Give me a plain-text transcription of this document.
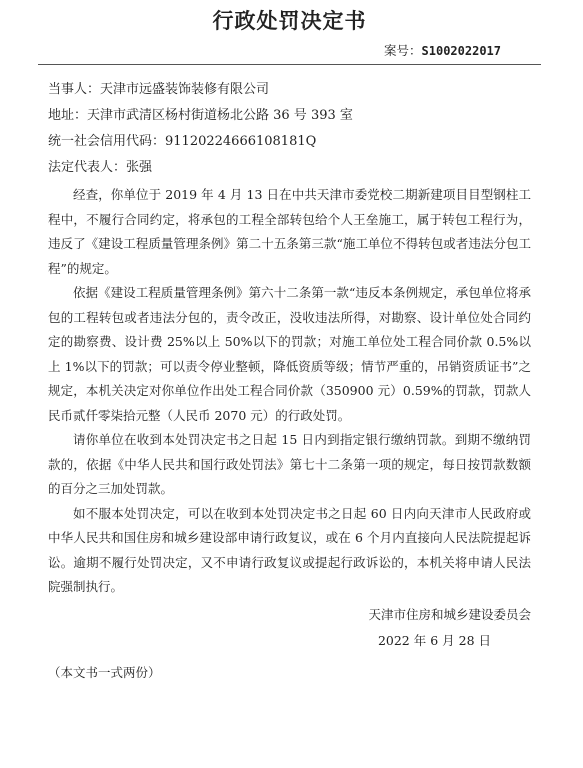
行政处罚决定书
案号：S1002022017
当事人：天津市远盛装饰装修有限公司
地址：天津市武清区杨村街道杨北公路 36 号 393 室
统一社会信用代码：91120224666108181Q
法定代表人：张强

经查，你单位于 2019 年 4 月 13 日在中共天津市委党校二期新建项目目型钢柱工程中，不履行合同约定，将承包的工程全部转包给个人王垒施工，属于转包工程行为，违反了《建设工程质量管理条例》第二十五条第三款“施工单位不得转包或者违法分包工程”的规定。

依据《建设工程质量管理条例》第六十二条第一款“违反本条例规定，承包单位将承包的工程转包或者违法分包的，责令改正，没收违法所得，对勘察、设计单位处合同约定的勘察费、设计费 25%以上 50%以下的罚款；对施工单位处工程合同价款 0.5%以上 1%以下的罚款；可以责令停业整顿，降低资质等级；情节严重的，吊销资质证书”之规定，本机关决定对你单位作出处工程合同价款（350900 元）0.59%的罚款，罚款人民币贰仟零柒拾元整（人民币 2070 元）的行政处罚。

请你单位在收到本处罚决定书之日起 15 日内到指定银行缴纳罚款。到期不缴纳罚款的，依据《中华人民共和国行政处罚法》第七十二条第一项的规定，每日按罚款数额的百分之三加处罚款。

如不服本处罚决定，可以在收到本处罚决定书之日起 60 日内向天津市人民政府或中华人民共和国住房和城乡建设部申请行政复议，或在 6 个月内直接向人民法院提起诉讼。逾期不履行处罚决定，又不申请行政复议或提起行政诉讼的，本机关将申请人民法院强制执行。

天津市住房和城乡建设委员会
2022 年 6 月 28 日
（本文书一式两份）
